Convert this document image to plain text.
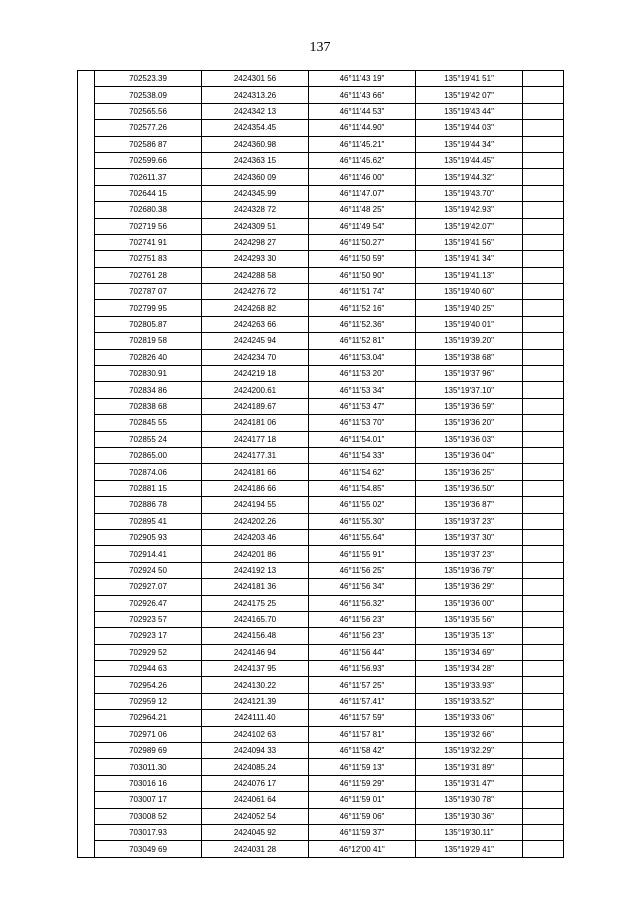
137
	702523.39	2424301 56	46°11'43 19"	135°19'41 51"	
	702538.09	2424313.26	46°11'43 66"	135°19'42 07"	
	702565.56	2424342 13	46°11'44 53"	135°19'43 44"	
	702577.26	2424354.45	46°11'44.90"	135°19'44 03"	
	702586 87	2424360.98	46°11'45.21"	135°19'44 34"	
	702599.66	2424363 15	46°11'45.62"	135°19'44.45"	
	702611.37	2424360 09	46°11'46 00"	135°19'44.32"	
	702644 15	2424345.99	46°11'47.07"	135°19'43.70"	
	702680.38	2424328 72	46°11'48 25"	135°19'42.93"	
	702719 56	2424309 51	46°11'49 54"	135°19'42.07"	
	702741 91	2424298 27	46°11'50.27"	135°19'41 56"	
	702751 83	2424293 30	46°11'50 59"	135°19'41 34"	
	702761 28	2424288 58	46°11'50 90"	135°19'41.13"	
	702787 07	2424276 72	46°11'51 74"	135°19'40 60"	
	702799 95	2424268 82	46°11'52 16"	135°19'40 25"	
	702805.87	2424263 66	46°11'52.36"	135°19'40 01"	
	702819 58	2424245 94	46°11'52 81"	135°19'39.20"	
	702826 40	2424234 70	46°11'53.04"	135°19'38 68"	
	702830.91	2424219 18	46°11'53 20"	135°19'37 96"	
	702834 86	2424200.61	46°11'53 34"	135°19'37.10"	
	702838 68	2424189.67	46°11'53 47"	135°19'36 59"	
	702845 55	2424181 06	46°11'53 70"	135°19'36 20"	
	702855 24	2424177 18	46°11'54.01"	135°19'36 03"	
	702865.00	2424177.31	46°11'54 33"	135°19'36 04"	
	702874.06	2424181 66	46°11'54 62"	135°19'36 25"	
	702881 15	2424186 66	46°11'54.85"	135°19'36.50"	
	702886 78	2424194 55	46°11'55 02"	135°19'36 87"	
	702895 41	2424202.26	46°11'55.30"	135°19'37 23"	
	702905 93	2424203 46	46°11'55.64"	135°19'37 30"	
	702914.41	2424201 86	46°11'55 91"	135°19'37 23"	
	702924 50	2424192 13	46°11'56 25"	135°19'36 79"	
	702927.07	2424181 36	46°11'56 34"	135°19'36 29"	
	702926.47	2424175 25	46°11'56.32"	135°19'36 00"	
	702923 57	2424165.70	46°11'56 23"	135°19'35 56"	
	702923 17	2424156.48	46°11'56 23"	135°19'35 13"	
	702929 52	2424146 94	46°11'56 44"	135°19'34 69"	
	702944 63	2424137 95	46°11'56.93"	135°19'34 28"	
	702954.26	2424130.22	46°11'57 25"	135°19'33.93"	
	702959 12	2424121.39	46°11'57.41"	135°19'33.52"	
	702964.21	2424111.40	46°11'57 59"	135°19'33 06"	
	702971 06	2424102 63	46°11'57 81"	135°19'32 66"	
	702989 69	2424094 33	46°11'58 42"	135°19'32.29"	
	703011.30	2424085.24	46°11'59 13"	135°19'31 89"	
	703016 16	2424076 17	46°11'59 29"	135°19'31 47"	
	703007 17	2424061 64	46°11'59 01"	135°19'30 78"	
	703008 52	2424052 54	46°11'59 06"	135°19'30 36"	
	703017.93	2424045 92	46°11'59 37"	135°19'30.11"	
	703049 69	2424031 28	46°12'00 41"	135°19'29 41"	
